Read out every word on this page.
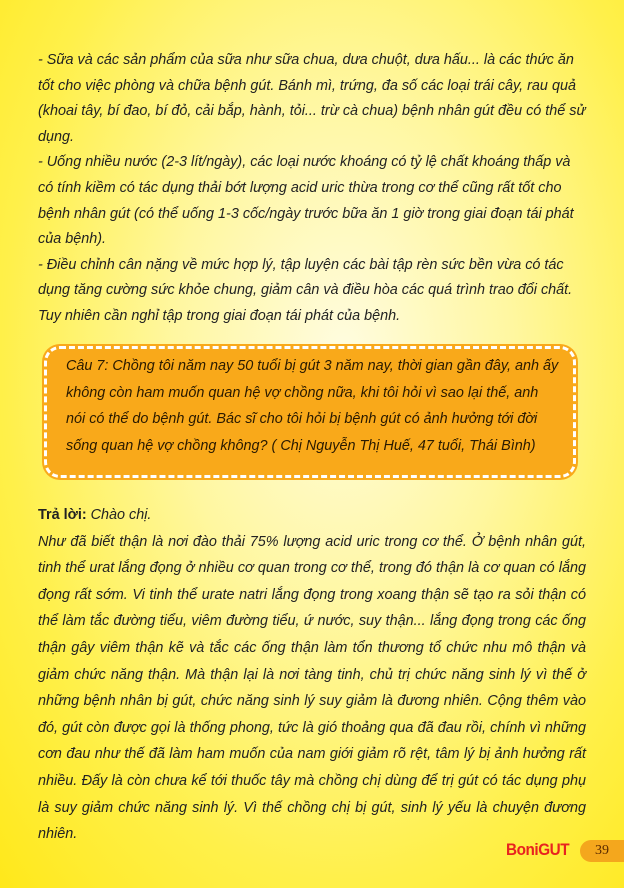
- Sữa và các sản phẩm của sữa như sữa chua, dưa chuột, dưa hấu... là các thức ăn tốt cho việc phòng và chữa bệnh gút. Bánh mì, trứng, đa số các loại trái cây, rau quả (khoai tây, bí đao, bí đỏ, cải bắp, hành, tỏi... trừ cà chua) bệnh nhân gút đều có thể sử dụng.

- Uống nhiều nước (2-3 lít/ngày), các loại nước khoáng có tỷ lệ chất khoáng thấp và có tính kiềm có tác dụng thải bớt lượng acid uric thừa trong cơ thể cũng rất tốt cho bệnh nhân gút (có thể uống 1-3 cốc/ngày trước bữa ăn 1 giờ trong giai đoạn tái phát của bệnh).

- Điều chỉnh cân nặng về mức hợp lý, tập luyện các bài tập rèn sức bền vừa có tác dụng tăng cường sức khỏe chung, giảm cân và điều hòa các quá trình trao đổi chất. Tuy nhiên cần nghỉ tập trong giai đoạn tái phát của bệnh.

Câu 7: Chồng tôi năm nay 50 tuổi bị gút 3 năm nay, thời gian gần đây, anh ấy không còn ham muốn quan hệ vợ chồng nữa, khi tôi hỏi vì sao lại thế, anh nói có thể do bệnh gút. Bác sĩ cho tôi hỏi bị bệnh gút có ảnh hưởng tới đời sống quan hệ vợ chồng không? ( Chị Nguyễn Thị Huế, 47 tuổi, Thái Bình)
Trả lời: Chào chị.
Như đã biết thận là nơi đào thải 75% lượng acid uric trong cơ thể. Ở bệnh nhân gút, tinh thể urat lắng đọng ở nhiều cơ quan trong cơ thể, trong đó thận là cơ quan có lắng đọng rất sớm. Vi tinh thể urate natri lắng đọng trong xoang thận sẽ tạo ra sỏi thận có thể làm tắc đường tiểu, viêm đường tiểu, ứ nước, suy thận... lắng đọng trong các ống thận gây viêm thận kẽ và tắc các ống thận làm tổn thương tổ chức nhu mô thận và giảm chức năng thận. Mà thận lại là nơi tàng tinh, chủ trị chức năng sinh lý vì thế ở những bệnh nhân bị gút, chức năng sinh lý suy giảm là đương nhiên. Cộng thêm vào đó, gút còn được gọi là thống phong, tức là gió thoảng qua đã đau rồi, chính vì những cơn đau như thế đã làm ham muốn của nam giới giảm rõ rệt, tâm lý bị ảnh hưởng rất nhiều. Đấy là còn chưa kể tới thuốc tây mà chồng chị dùng để trị gút có tác dụng phụ là suy giảm chức năng sinh lý. Vì thế chồng chị bị gút, sinh lý yếu là chuyện đương nhiên.
BoniGUT	39
